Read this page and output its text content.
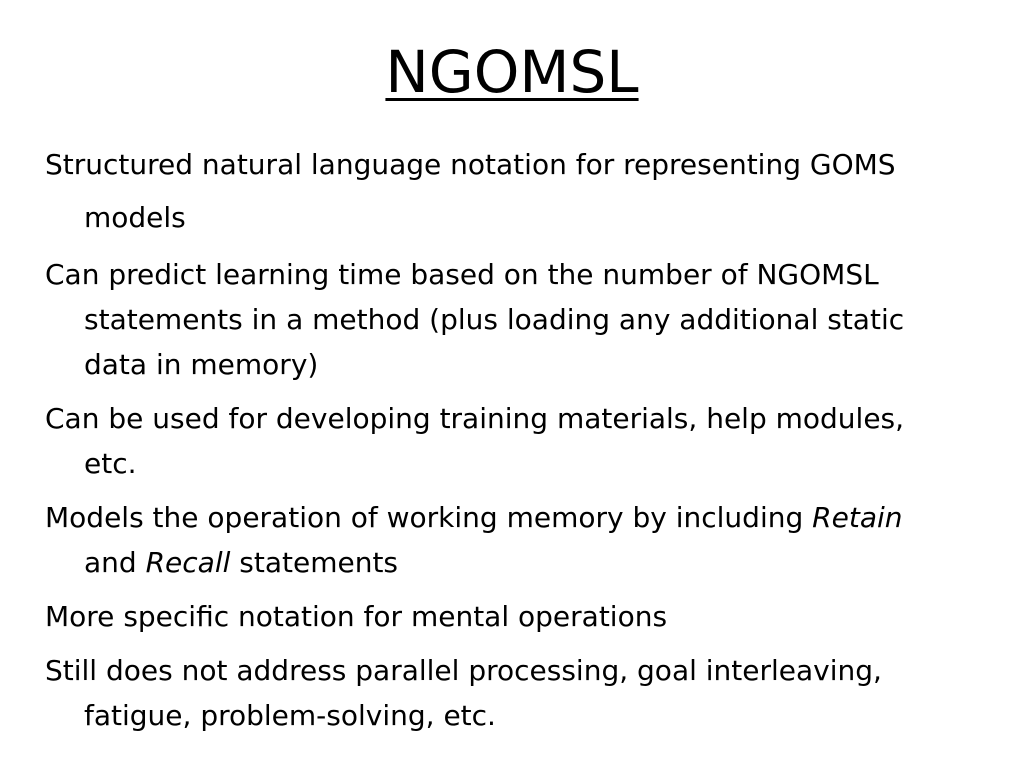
NGOMSL
Structured natural language notation for representing GOMS models
Can predict learning time based on the number of NGOMSL statements in a method (plus loading any additional static data in memory)
Can be used for developing training materials, help modules, etc.
Models the operation of working memory by including Retain and Recall statements
More specific notation for mental operations
Still does not address parallel processing, goal interleaving, fatigue, problem-solving, etc.
